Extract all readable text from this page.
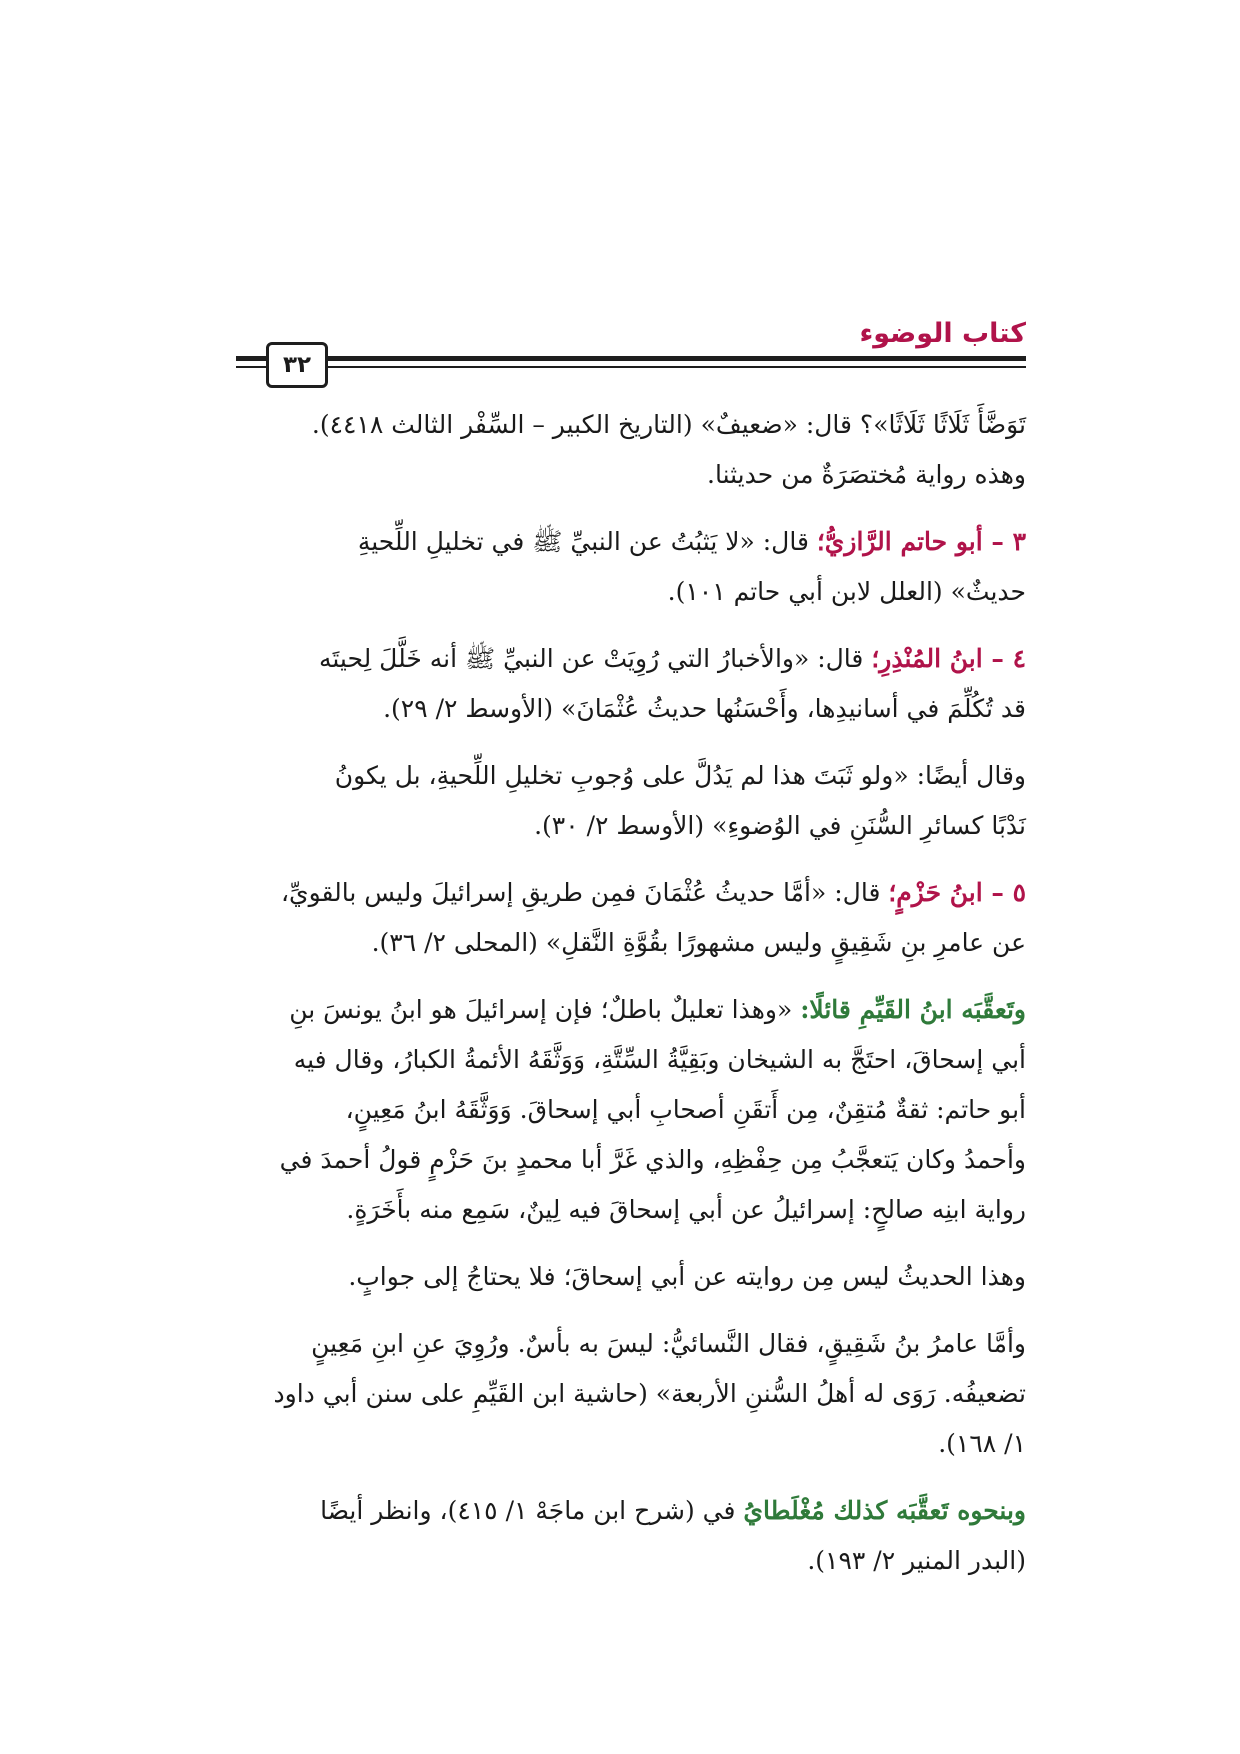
كتاب الوضوء
٣٢

تَوَضَّأَ ثَلَاثًا ثَلَاثًا»؟ قال: «ضعيفٌ» (التاريخ الكبير – السِّفْر الثالث ٤٤١٨).
وهذه رواية مُختصَرَةٌ من حديثنا.

٣ – أبو حاتم الرَّازيُّ؛ قال: «لا يَثبُتُ عن النبيِّ ﷺ في تخليلِ اللِّحيةِ
حديثٌ» (العلل لابن أبي حاتم ١٠١).

٤ – ابنُ المُنْذِرِ؛ قال: «والأخبارُ التي رُوِيَتْ عن النبيِّ ﷺ أنه خَلَّلَ لِحيتَه
قد تُكُلِّمَ في أسانيدِها، وأَحْسَنُها حديثُ عُثْمَانَ» (الأوسط ٢/ ٢٩).

وقال أيضًا: «ولو ثَبَتَ هذا لم يَدُلَّ على وُجوبِ تخليلِ اللِّحيةِ، بل يكونُ
نَدْبًا كسائرِ السُّنَنِ في الوُضوءِ» (الأوسط ٢/ ٣٠).

٥ – ابنُ حَزْمٍ؛ قال: «أمَّا حديثُ عُثْمَانَ فمِن طريقِ إسرائيلَ وليس بالقويِّ،
عن عامرِ بنِ شَقِيقٍ وليس مشهورًا بقُوَّةِ النَّقلِ» (المحلى ٢/ ٣٦).

وتَعقَّبَه ابنُ القَيِّمِ قائلًا: «وهذا تعليلٌ باطلٌ؛ فإن إسرائيلَ هو ابنُ يونسَ بنِ
أبي إسحاقَ، احتَجَّ به الشيخان وبَقِيَّةُ السِّتَّةِ، وَوَثَّقَهُ الأئمةُ الكبارُ، وقال فيه
أبو حاتم: ثقةٌ مُتقِنٌ، مِن أَتقَنِ أصحابِ أبي إسحاقَ. وَوَثَّقَهُ ابنُ مَعِينٍ،
وأحمدُ وكان يَتعجَّبُ مِن حِفْظِهِ، والذي غَرَّ أبا محمدٍ بنَ حَزْمٍ قولُ أحمدَ في
رواية ابنِه صالحٍ: إسرائيلُ عن أبي إسحاقَ فيه لِينٌ، سَمِع منه بأَخَرَةٍ.

وهذا الحديثُ ليس مِن روايته عن أبي إسحاقَ؛ فلا يحتاجُ إلى جوابٍ.

وأمَّا عامرُ بنُ شَقِيقٍ، فقال النَّسائيُّ: ليسَ به بأسٌ. ورُوِيَ عنِ ابنِ مَعِينٍ
تضعيفُه. رَوَى له أهلُ السُّننِ الأربعة» (حاشية ابن القَيِّمِ على سنن أبي داود
١/ ١٦٨).

وبنحوه تَعقَّبَه كذلك مُغْلَطايُ في (شرح ابن ماجَهْ ١/ ٤١٥)، وانظر أيضًا
(البدر المنير ٢/ ١٩٣).
